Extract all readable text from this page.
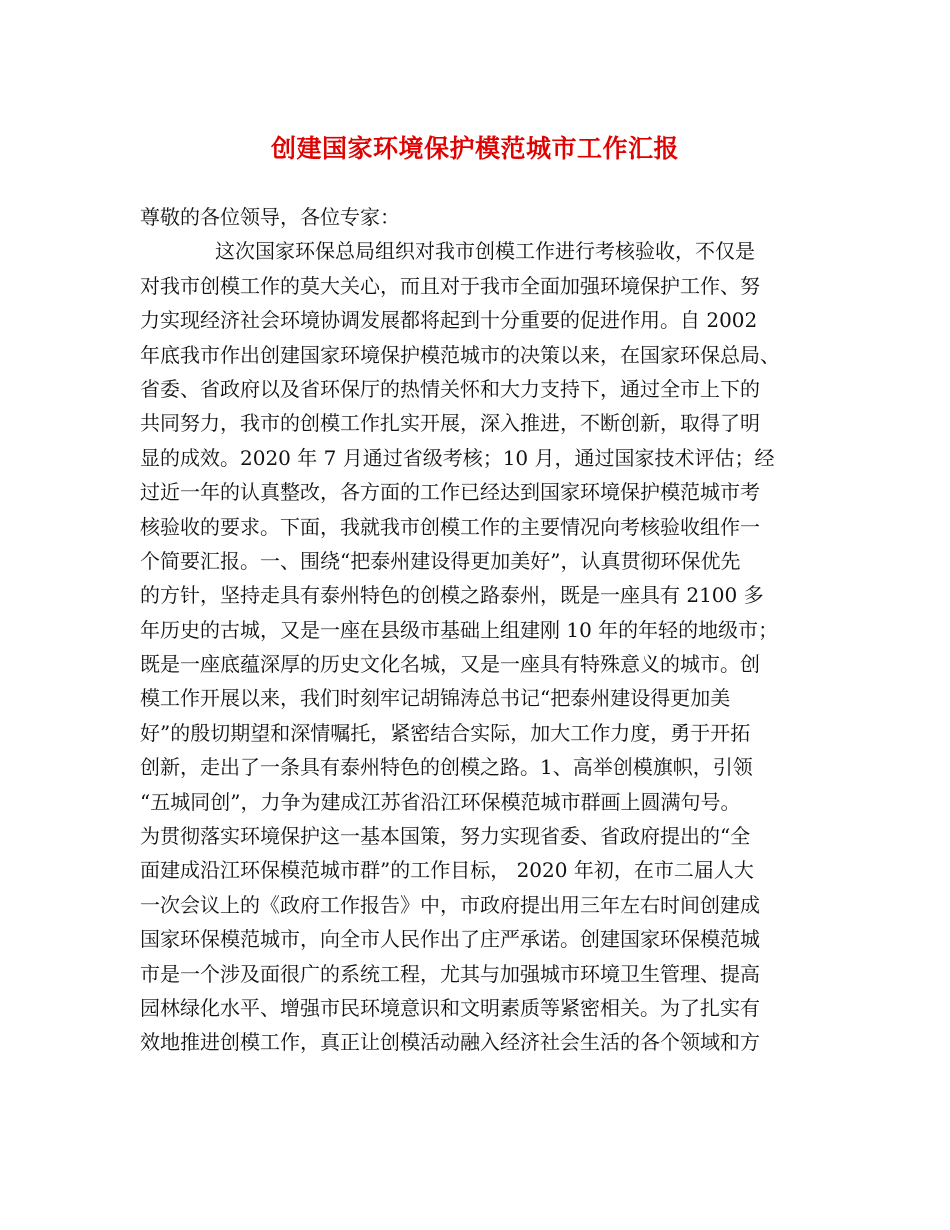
创建国家环境保护模范城市工作汇报
尊敬的各位领导，各位专家：
这次国家环保总局组织对我市创模工作进行考核验收，不仅是
对我市创模工作的莫大关心，而且对于我市全面加强环境保护工作、努
力实现经济社会环境协调发展都将起到十分重要的促进作用。自 2002
年底我市作出创建国家环境保护模范城市的决策以来，在国家环保总局、
省委、省政府以及省环保厅的热情关怀和大力支持下，通过全市上下的
共同努力，我市的创模工作扎实开展，深入推进，不断创新，取得了明
显的成效。2020 年 7 月通过省级考核；10 月，通过国家技术评估；经
过近一年的认真整改，各方面的工作已经达到国家环境保护模范城市考
核验收的要求。下面，我就我市创模工作的主要情况向考核验收组作一
个简要汇报。一、围绕“把泰州建设得更加美好”，认真贯彻环保优先
的方针，坚持走具有泰州特色的创模之路泰州，既是一座具有 2100 多
年历史的古城，又是一座在县级市基础上组建刚 10 年的年轻的地级市；
既是一座底蕴深厚的历史文化名城，又是一座具有特殊意义的城市。创
模工作开展以来，我们时刻牢记胡锦涛总书记“把泰州建设得更加美
好”的殷切期望和深情嘱托，紧密结合实际，加大工作力度，勇于开拓
创新，走出了一条具有泰州特色的创模之路。1、高举创模旗帜，引领
“五城同创”，力争为建成江苏省沿江环保模范城市群画上圆满句号。
为贯彻落实环境保护这一基本国策，努力实现省委、省政府提出的“全
面建成沿江环保模范城市群”的工作目标， 2020 年初，在市二届人大
一次会议上的《政府工作报告》中，市政府提出用三年左右时间创建成
国家环保模范城市，向全市人民作出了庄严承诺。创建国家环保模范城
市是一个涉及面很广的系统工程，尤其与加强城市环境卫生管理、提高
园林绿化水平、增强市民环境意识和文明素质等紧密相关。为了扎实有
效地推进创模工作，真正让创模活动融入经济社会生活的各个领域和方
